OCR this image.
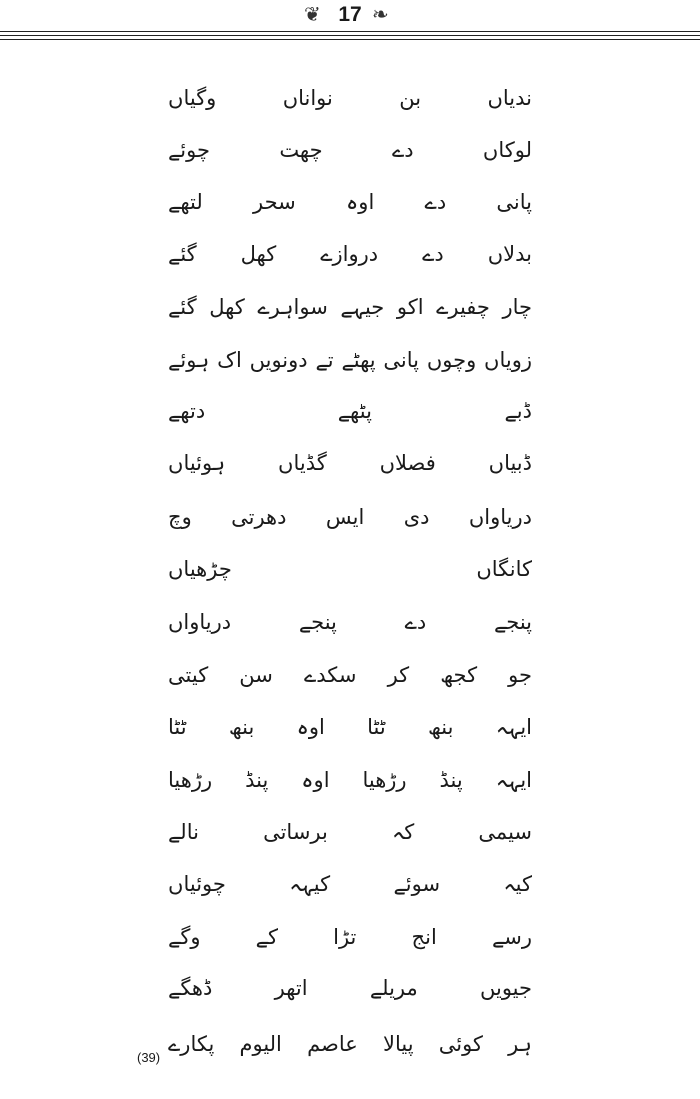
❦ 17 ❧
ندیاں
بن
نواناں
وگیاں
لوکاں
دے
چھت
چوئے
پانی
دے
اوہ
سحر
لتھے
بدلاں
دے
دروازے
کھل
گئے
چار
چفیرے
اکو
جیہے
سواہرے
کھل
گئے
زویاں
وچوں
پانی
پھٹے
تے
دونویں
اک
ہوئے
ڈبے
پٹھے
دتھے
ڈبیاں
فصلاں
گڈیاں
ہوئیاں
دریاواں
دی
ایس
دھرتی
وچ
کانگاں
چڑھیاں
پنجے
دے
پنجے
دریاواں
جو
کجھ
کر
سکدے
سن
کیتی
ایہہ
بنھ
ٹٹا
اوہ
بنھ
ٹٹا
ایہہ
پنڈ
رڑھیا
اوہ
پنڈ
رڑھیا
سیمی
کہ
برساتی
نالے
کیہ
سوئے
کیہہ
چوئیاں
رسے
انج
تڑا
کے
وگے
جیویں
مریلے
اتھر
ڈھگے
ہر
کوئی
پیالا
عاصم
الیوم
پکارے
(39)
